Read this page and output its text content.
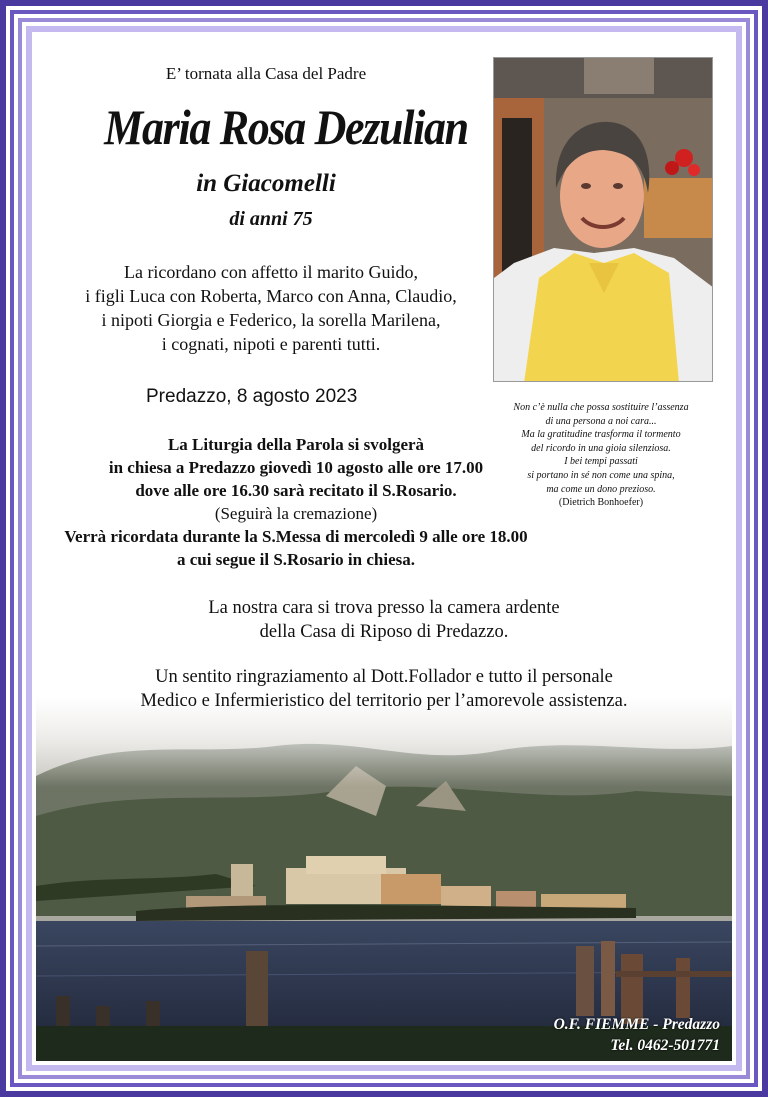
E’ tornata alla Casa del Padre
Maria Rosa Dezulian
in Giacomelli
di anni 75
La ricordano con affetto il marito Guido,
i figli Luca con Roberta, Marco con Anna, Claudio,
i nipoti Giorgia e Federico, la sorella Marilena,
i cognati, nipoti e parenti tutti.
Predazzo, 8 agosto 2023
La Liturgia della Parola si svolgerà
in chiesa a Predazzo giovedì 10 agosto alle ore 17.00
dove alle ore 16.30 sarà recitato il S.Rosario.
(Seguirà la cremazione)
Verrà ricordata durante la S.Messa di mercoledì 9 alle ore 18.00
a cui segue il S.Rosario in chiesa.
La nostra cara si trova presso la camera ardente
della Casa di Riposo di Predazzo.
Un sentito ringraziamento al Dott.Follador e tutto il personale
Medico e Infermieristico del territorio per l’amorevole assistenza.
Non c’è nulla che possa sostituire l’assenza
di una persona a noi cara...
Ma la gratitudine trasforma il tormento
del ricordo in una gioia silenziosa.
I bei tempi passati
si portano in sé non come una spina,
ma come un dono prezioso.
(Dietrich Bonhoefer)
O.F. FIEMME - Predazzo
Tel. 0462-501771
